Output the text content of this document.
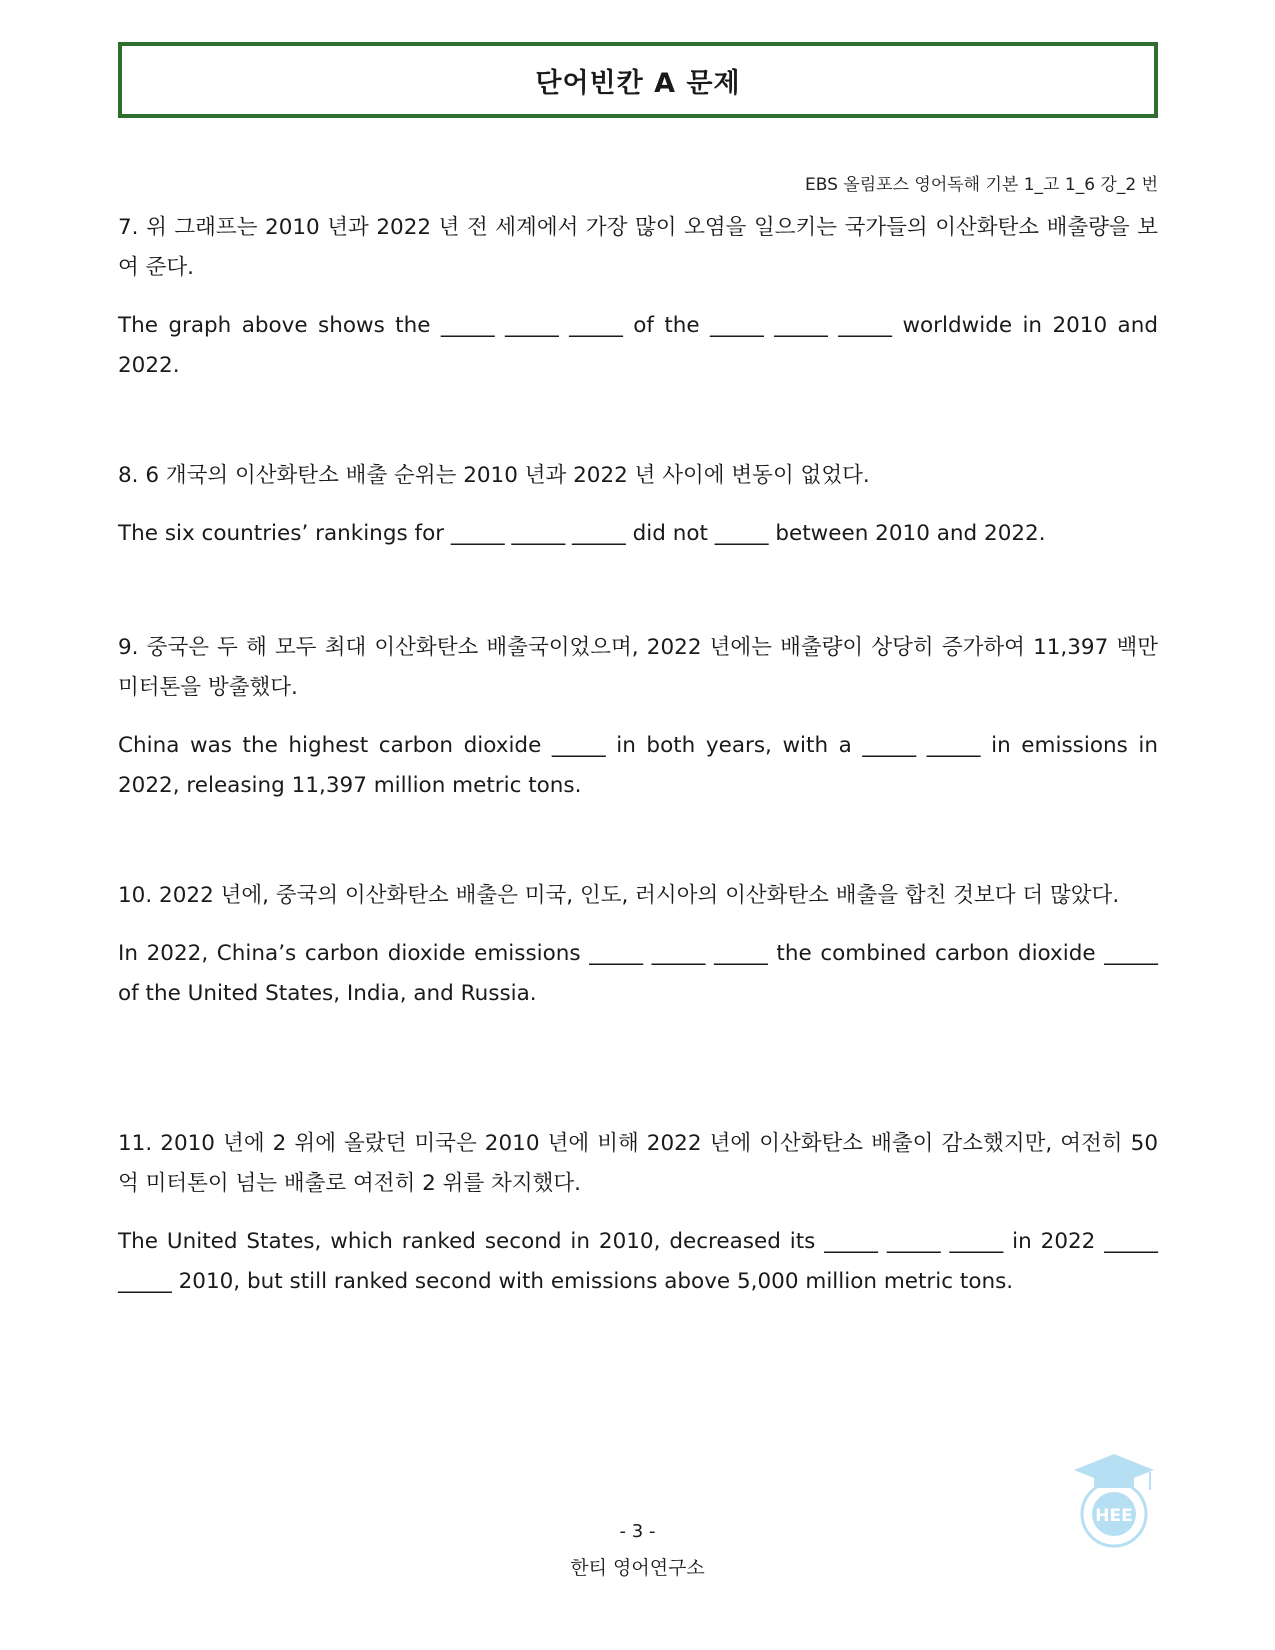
단어빈칸 A 문제
EBS 올림포스 영어독해 기본 1_고 1_6 강_2 번

7. 위 그래프는 2010 년과 2022 년 전 세계에서 가장 많이 오염을 일으키는 국가들의 이산화탄소 배출량을 보여 준다.

The graph above shows the _____ _____ _____ of the _____ _____ _____ worldwide in 2010 and 2022.

8. 6 개국의 이산화탄소 배출 순위는 2010 년과 2022 년 사이에 변동이 없었다.

The six countries’ rankings for _____ _____ _____ did not _____ between 2010 and 2022.

9. 중국은 두 해 모두 최대 이산화탄소 배출국이었으며, 2022 년에는 배출량이 상당히 증가하여 11,397 백만 미터톤을 방출했다.

China was the highest carbon dioxide _____ in both years, with a _____ _____ in emissions in 2022, releasing 11,397 million metric tons.

10. 2022 년에, 중국의 이산화탄소 배출은 미국, 인도, 러시아의 이산화탄소 배출을 합친 것보다 더 많았다.

In 2022, China’s carbon dioxide emissions _____ _____ _____ the combined carbon dioxide _____ of the United States, India, and Russia.

11. 2010 년에 2 위에 올랐던 미국은 2010 년에 비해 2022 년에 이산화탄소 배출이 감소했지만, 여전히 50 억 미터톤이 넘는 배출로 여전히 2 위를 차지했다.

The United States, which ranked second in 2010, decreased its _____ _____ _____ in 2022 _____ _____ 2010, but still ranked second with emissions above 5,000 million metric tons.

HEE
- 3 -
한티 영어연구소
